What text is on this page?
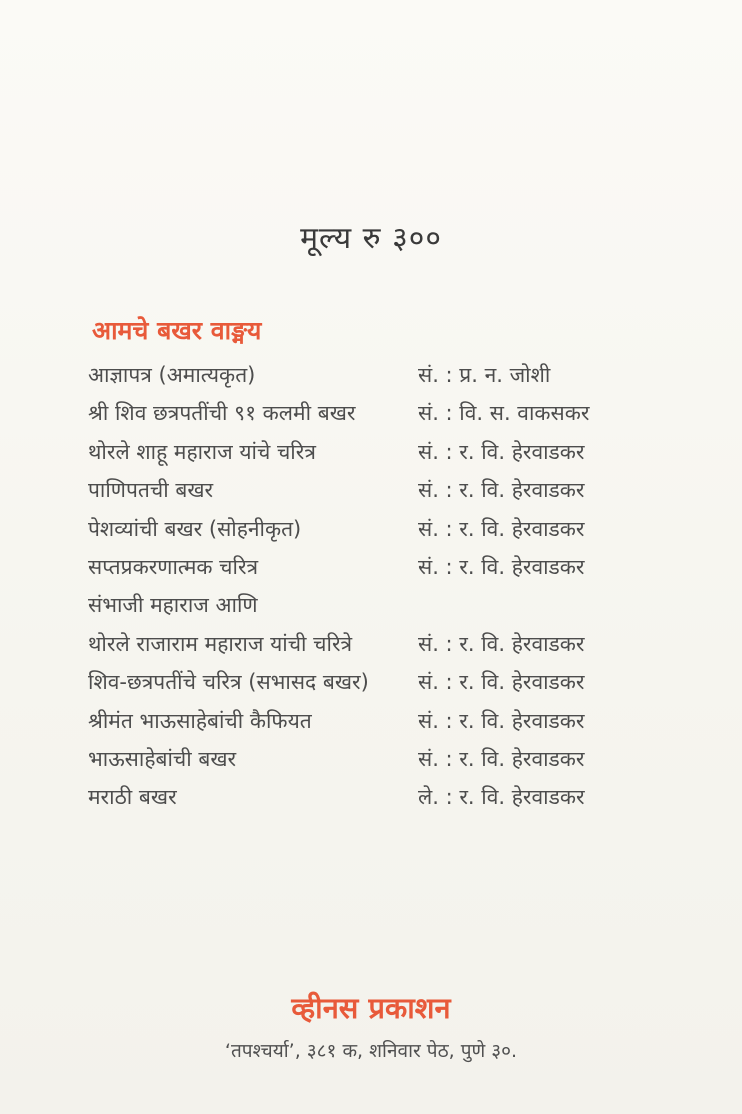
मूल्य रु ३००
आमचे बखर वाङ्मय
आज्ञापत्र (अमात्यकृत)	सं. : प्र. न. जोशी
श्री शिव छत्रपतींची ९१ कलमी बखर	सं. : वि. स. वाकसकर
थोरले शाहू महाराज यांचे चरित्र	सं. : र. वि. हेरवाडकर
पाणिपतची बखर	सं. : र. वि. हेरवाडकर
पेशव्यांची बखर (सोहनीकृत)	सं. : र. वि. हेरवाडकर
सप्तप्रकरणात्मक चरित्र	सं. : र. वि. हेरवाडकर
संभाजी महाराज आणि
थोरले राजाराम महाराज यांची चरित्रे	सं. : र. वि. हेरवाडकर
शिव-छत्रपतींचे चरित्र (सभासद बखर) सं. : र. वि. हेरवाडकर
श्रीमंत भाऊसाहेबांची कैफियत	सं. : र. वि. हेरवाडकर
भाऊसाहेबांची बखर	सं. : र. वि. हेरवाडकर
मराठी बखर	ले. : र. वि. हेरवाडकर
व्हीनस प्रकाशन
‘तपश्चर्या’, ३८१ क, शनिवार पेठ, पुणे ३०.
